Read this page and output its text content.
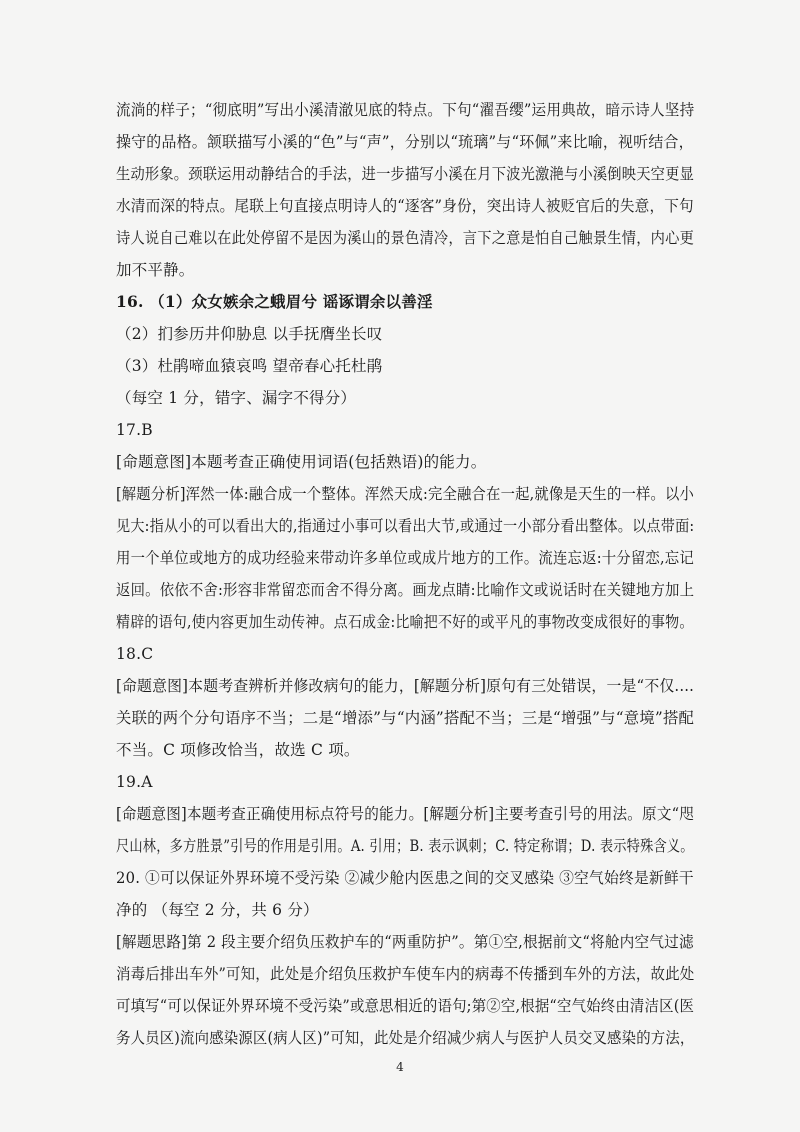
流淌的样子；“彻底明”写出小溪清澈见底的特点。下句“濯吾缨”运用典故，暗示诗人坚持
操守的品格。颔联描写小溪的“色”与“声”，分别以“琉璃”与“环佩”来比喻，视听结合，
生动形象。颈联运用动静结合的手法，进一步描写小溪在月下波光激滟与小溪倒映天空更显
水清而深的特点。尾联上句直接点明诗人的“逐客”身份，突出诗人被贬官后的失意，下句
诗人说自己难以在此处停留不是因为溪山的景色清冷，言下之意是怕自己触景生情，内心更
加不平静。
16. （1）众女嫉余之蛾眉兮 谣诼谓余以善淫
（2）扪参历井仰胁息 以手抚膺坐长叹
（3）杜鹃啼血猿哀鸣 望帝春心托杜鹃
（每空 1 分，错字、漏字不得分）
17.B
[命题意图]本题考查正确使用词语(包括熟语)的能力。
[解题分析]浑然一体:融合成一个整体。浑然天成:完全融合在一起,就像是天生的一样。以小
见大:指从小的可以看出大的,指通过小事可以看出大节,或通过一小部分看出整体。以点带面:
用一个单位或地方的成功经验来带动许多单位或成片地方的工作。流连忘返:十分留恋,忘记
返回。依依不舍:形容非常留恋而舍不得分离。画龙点睛:比喻作文或说话时在关键地方加上
精辟的语句,使内容更加生动传神。点石成金:比喻把不好的或平凡的事物改变成很好的事物。
18.C
[命题意图]本题考查辨析并修改病句的能力，[解题分析]原句有三处错误，一是“不仅....
关联的两个分句语序不当；二是“增添”与“内涵”搭配不当；三是“增强”与“意境”搭配
不当。C 项修改恰当，故选 C 项。
19.A
[命题意图]本题考查正确使用标点符号的能力。[解题分析]主要考查引号的用法。原文“咫
尺山林，多方胜景”引号的作用是引用。A. 引用；B. 表示讽刺；C. 特定称谓；D. 表示特殊含义。
20. ①可以保证外界环境不受污染 ②减少舱内医患之间的交叉感染 ③空气始终是新鲜干
净的 （每空 2 分，共 6 分）
[解题思路]第 2 段主要介绍负压救护车的“两重防护”。第①空,根据前文“将舱内空气过滤
消毒后排出车外”可知，此处是介绍负压救护车使车内的病毒不传播到车外的方法，故此处
可填写“可以保证外界环境不受污染”或意思相近的语句;第②空,根据“空气始终由清洁区(医
务人员区)流向感染源区(病人区)”可知，此处是介绍减少病人与医护人员交叉感染的方法，
4
